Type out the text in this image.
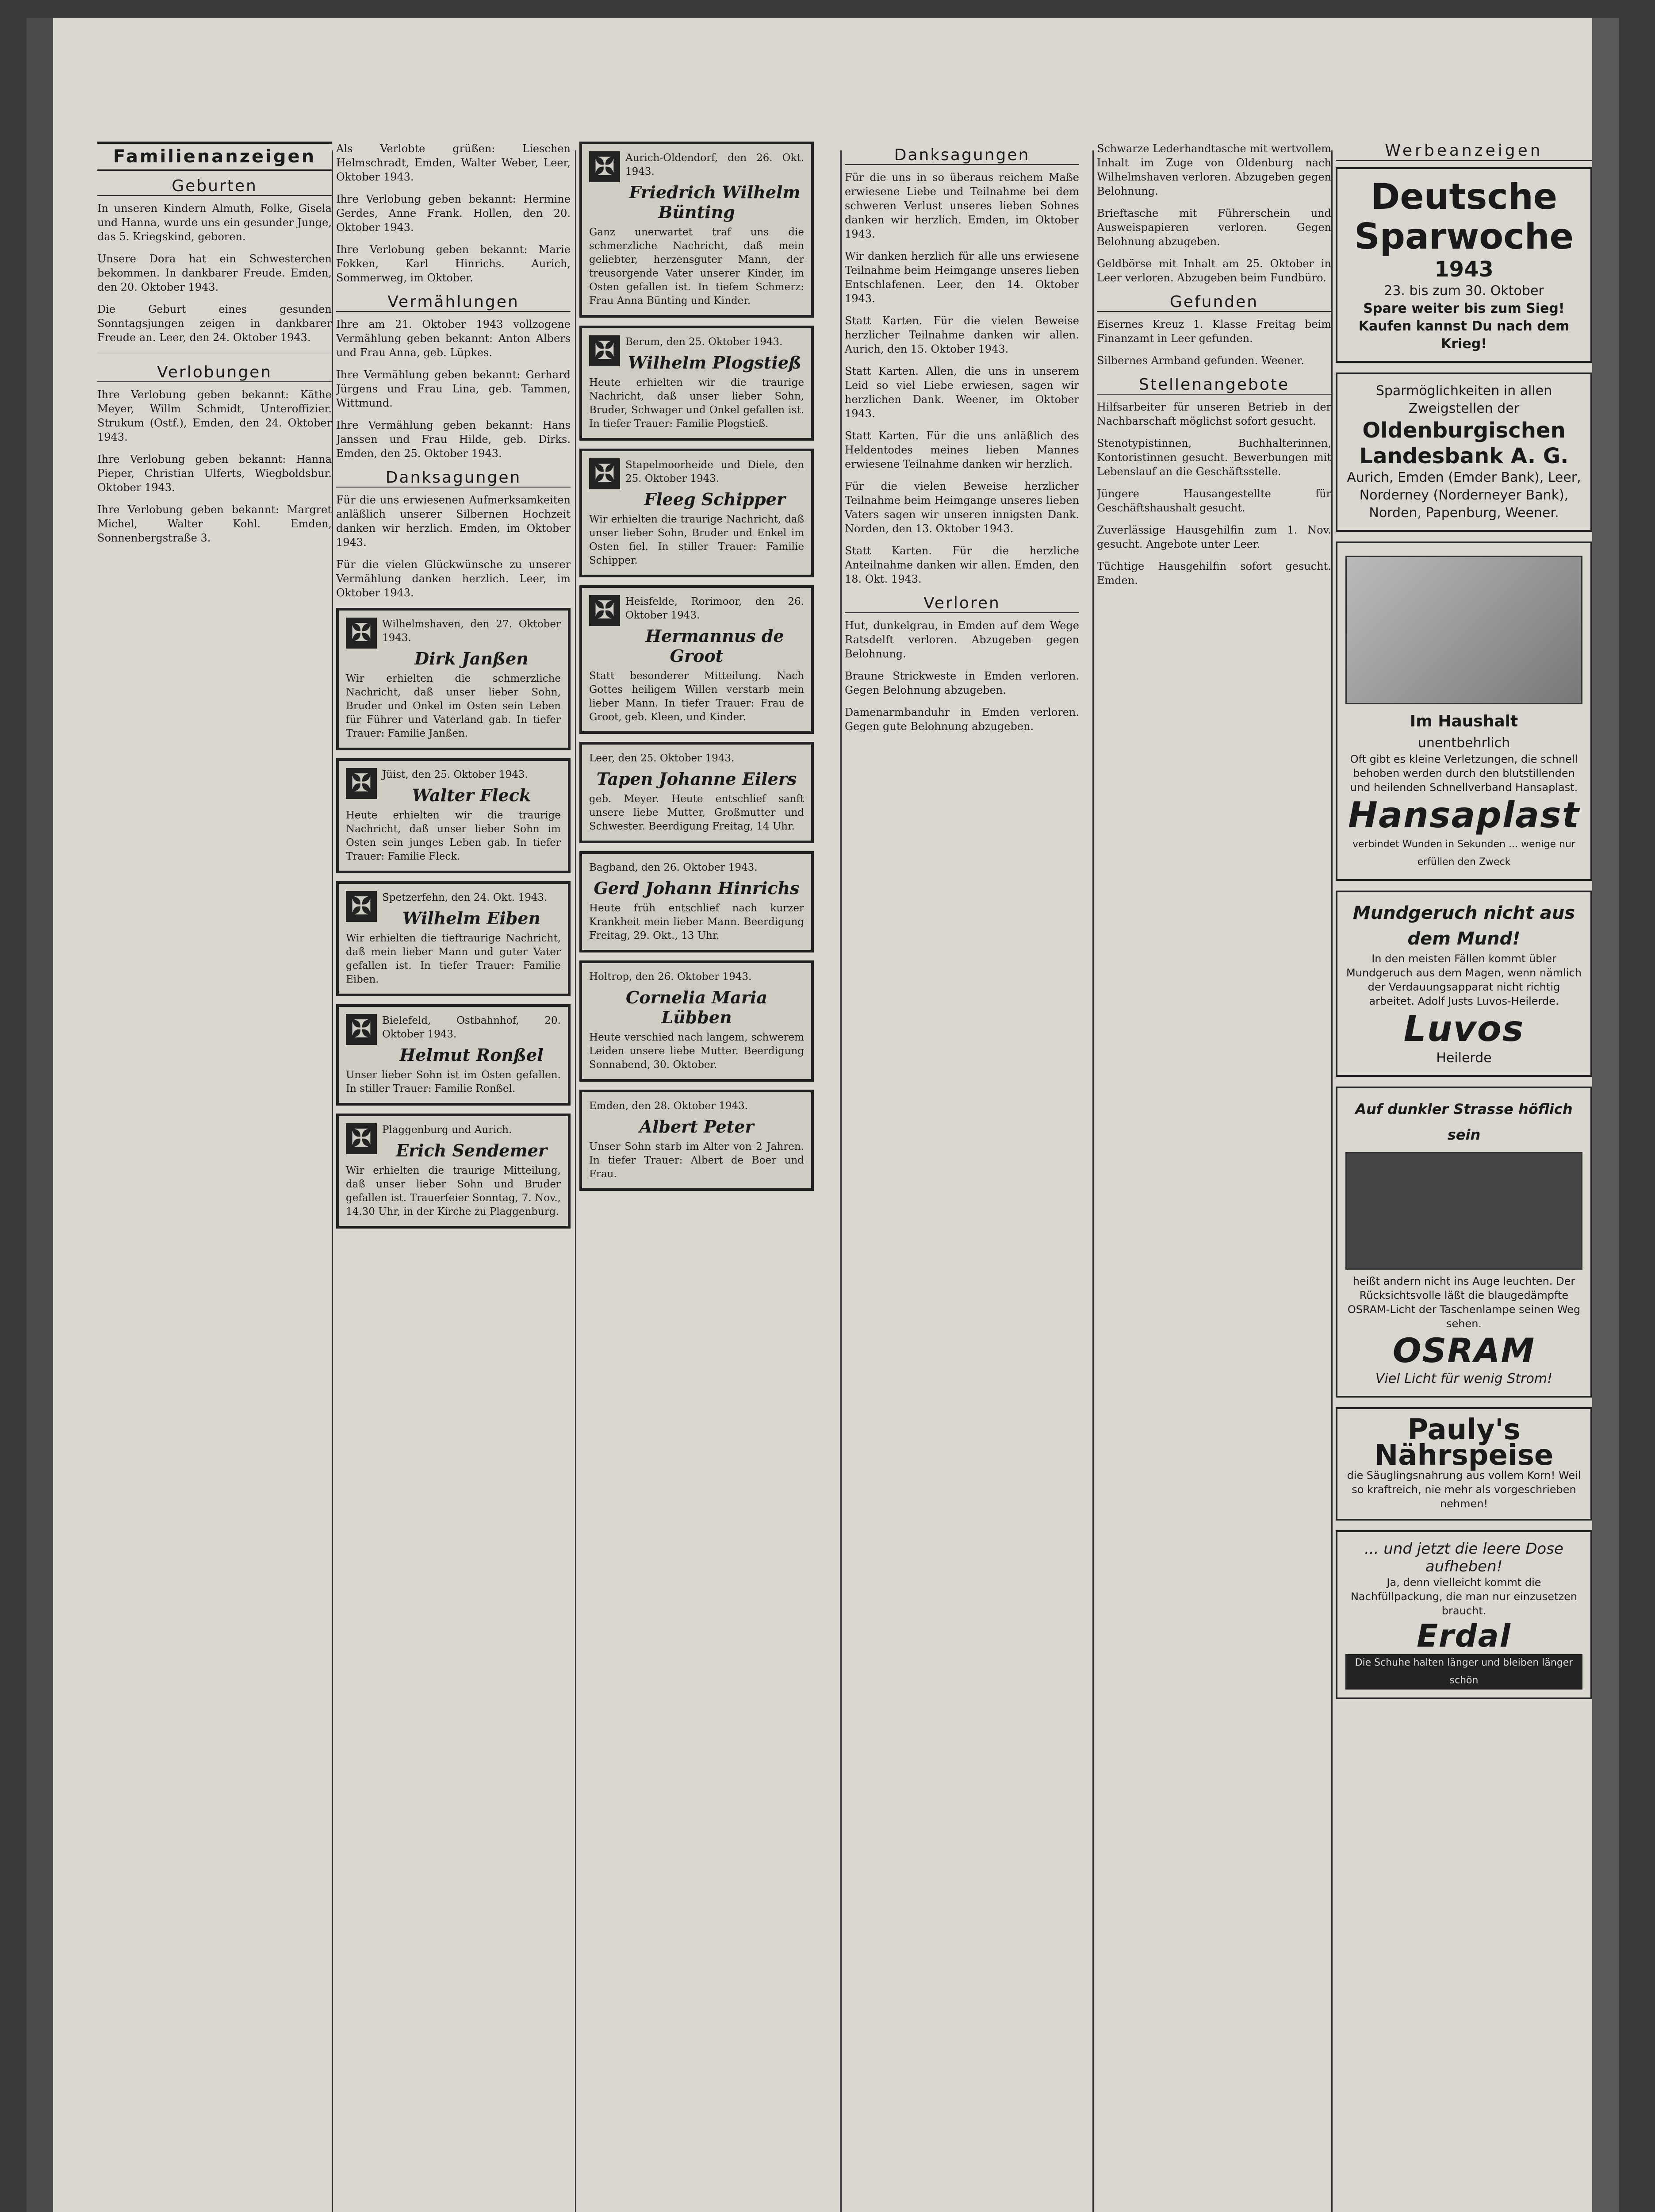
Familienanzeigen
Geburten
In unseren Kindern Almuth, Folke, Gisela und Hanna, wurde uns ein gesunder Junge, das 5. Kriegskind, geboren.
Unsere Dora hat ein Schwesterchen bekommen. In dankbarer Freude. Emden, den 20. Oktober 1943.
Die Geburt eines gesunden Sonntagsjungen zeigen in dankbarer Freude an. Leer, den 24. Oktober 1943.
Verlobungen
Ihre Verlobung geben bekannt: Käthe Meyer, Willm Schmidt, Unteroffizier. Strukum (Ostf.), Emden, den 24. Oktober 1943.
Ihre Verlobung geben bekannt: Hanna Pieper, Christian Ulferts, Wiegboldsbur. Oktober 1943.
Ihre Verlobung geben bekannt: Margret Michel, Walter Kohl. Emden, Sonnenbergstraße 3.
Als Verlobte grüßen: Lieschen Helmschradt, Emden, Walter Weber, Leer, Oktober 1943.
Ihre Verlobung geben bekannt: Hermine Gerdes, Anne Frank. Hollen, den 20. Oktober 1943.
Ihre Verlobung geben bekannt: Marie Fokken, Karl Hinrichs. Aurich, Sommerweg, im Oktober.
Vermählungen
Ihre am 21. Oktober 1943 vollzogene Vermählung geben bekannt: Anton Albers und Frau Anna, geb. Lüpkes.
Ihre Vermählung geben bekannt: Gerhard Jürgens und Frau Lina, geb. Tammen, Wittmund.
Ihre Vermählung geben bekannt: Hans Janssen und Frau Hilde, geb. Dirks. Emden, den 25. Oktober 1943.
Danksagungen
Für die uns erwiesenen Aufmerksamkeiten anläßlich unserer Silbernen Hochzeit danken wir herzlich. Emden, im Oktober 1943.
Für die vielen Glückwünsche zu unserer Vermählung danken herzlich. Leer, im Oktober 1943.
✠	Wilhelmshaven, den 27. Oktober 1943.
Dirk Janßen
Wir erhielten die schmerzliche Nachricht, daß unser lieber Sohn, Bruder und Onkel im Osten sein Leben für Führer und Vaterland gab. In tiefer Trauer: Familie Janßen.
✠	Jüist, den 25. Oktober 1943.
Walter Fleck
Heute erhielten wir die traurige Nachricht, daß unser lieber Sohn im Osten sein junges Leben gab. In tiefer Trauer: Familie Fleck.
✠	Spetzerfehn, den 24. Okt. 1943.
Wilhelm Eiben
Wir erhielten die tieftraurige Nachricht, daß mein lieber Mann und guter Vater gefallen ist. In tiefer Trauer: Familie Eiben.
✠	Bielefeld, Ostbahnhof, 20. Oktober 1943.
Helmut Ronßel
Unser lieber Sohn ist im Osten gefallen. In stiller Trauer: Familie Ronßel.
✠	Plaggenburg und Aurich.
Erich Sendemer
Wir erhielten die traurige Mitteilung, daß unser lieber Sohn und Bruder gefallen ist. Trauerfeier Sonntag, 7. Nov., 14.30 Uhr, in der Kirche zu Plaggenburg.
✠	Aurich-Oldendorf, den 26. Okt. 1943.
Friedrich Wilhelm Bünting
Ganz unerwartet traf uns die schmerzliche Nachricht, daß mein geliebter, herzensguter Mann, der treusorgende Vater unserer Kinder, im Osten gefallen ist. In tiefem Schmerz: Frau Anna Bünting und Kinder.
✠	Berum, den 25. Oktober 1943.
Wilhelm Plogstieß
Heute erhielten wir die traurige Nachricht, daß unser lieber Sohn, Bruder, Schwager und Onkel gefallen ist. In tiefer Trauer: Familie Plogstieß.
✠	Stapelmoorheide und Diele, den 25. Oktober 1943.
Fleeg Schipper
Wir erhielten die traurige Nachricht, daß unser lieber Sohn, Bruder und Enkel im Osten fiel. In stiller Trauer: Familie Schipper.
✠	Heisfelde, Rorimoor, den 26. Oktober 1943.
Hermannus de Groot
Statt besonderer Mitteilung. Nach Gottes heiligem Willen verstarb mein lieber Mann. In tiefer Trauer: Frau de Groot, geb. Kleen, und Kinder.
Leer, den 25. Oktober 1943.
Tapen Johanne Eilers
geb. Meyer. Heute entschlief sanft unsere liebe Mutter, Großmutter und Schwester. Beerdigung Freitag, 14 Uhr.
Bagband, den 26. Oktober 1943.
Gerd Johann Hinrichs
Heute früh entschlief nach kurzer Krankheit mein lieber Mann. Beerdigung Freitag, 29. Okt., 13 Uhr.
Holtrop, den 26. Oktober 1943.
Cornelia Maria Lübben
Heute verschied nach langem, schwerem Leiden unsere liebe Mutter. Beerdigung Sonnabend, 30. Oktober.
Emden, den 28. Oktober 1943.
Albert Peter
Unser Sohn starb im Alter von 2 Jahren. In tiefer Trauer: Albert de Boer und Frau.
Danksagungen
Für die uns in so überaus reichem Maße erwiesene Liebe und Teilnahme bei dem schweren Verlust unseres lieben Sohnes danken wir herzlich. Emden, im Oktober 1943.
Wir danken herzlich für alle uns erwiesene Teilnahme beim Heimgange unseres lieben Entschlafenen. Leer, den 14. Oktober 1943.
Statt Karten. Für die vielen Beweise herzlicher Teilnahme danken wir allen. Aurich, den 15. Oktober 1943.
Statt Karten. Allen, die uns in unserem Leid so viel Liebe erwiesen, sagen wir herzlichen Dank. Weener, im Oktober 1943.
Statt Karten. Für die uns anläßlich des Heldentodes meines lieben Mannes erwiesene Teilnahme danken wir herzlich.
Für die vielen Beweise herzlicher Teilnahme beim Heimgange unseres lieben Vaters sagen wir unseren innigsten Dank. Norden, den 13. Oktober 1943.
Statt Karten. Für die herzliche Anteilnahme danken wir allen. Emden, den 18. Okt. 1943.
Verloren
Hut, dunkelgrau, in Emden auf dem Wege Ratsdelft verloren. Abzugeben gegen Belohnung.
Braune Strickweste in Emden verloren. Gegen Belohnung abzugeben.
Damenarmbanduhr in Emden verloren. Gegen gute Belohnung abzugeben.
Schwarze Lederhandtasche mit wertvollem Inhalt im Zuge von Oldenburg nach Wilhelmshaven verloren. Abzugeben gegen Belohnung.
Brieftasche mit Führerschein und Ausweispapieren verloren. Gegen Belohnung abzugeben.
Geldbörse mit Inhalt am 25. Oktober in Leer verloren. Abzugeben beim Fundbüro.
Gefunden
Eisernes Kreuz 1. Klasse Freitag beim Finanzamt in Leer gefunden.
Silbernes Armband gefunden. Weener.
Stellenangebote
Hilfsarbeiter für unseren Betrieb in der Nachbarschaft möglichst sofort gesucht.
Stenotypistinnen, Buchhalterinnen, Kontoristinnen gesucht. Bewerbungen mit Lebenslauf an die Geschäftsstelle.
Jüngere Hausangestellte für Geschäftshaushalt gesucht.
Zuverlässige Hausgehilfin zum 1. Nov. gesucht. Angebote unter Leer.
Tüchtige Hausgehilfin sofort gesucht. Emden.
Werbeanzeigen
Deutsche
Sparwoche
1943
23. bis zum 30. Oktober
Spare weiter bis zum Sieg! Kaufen kannst Du nach dem Krieg!
Sparmöglichkeiten in allen Zweigstellen der
Oldenburgischen
Landesbank A. G.
Aurich, Emden (Emder Bank), Leer, Norderney (Norderneyer Bank), Norden, Papenburg, Weener.
Im Haushalt
unentbehrlich
Oft gibt es kleine Verletzungen, die schnell behoben werden durch den blutstillenden und heilenden Schnellverband Hansaplast.
Hansaplast
verbindet Wunden in Sekunden ... wenige nur erfüllen den Zweck
Mundgeruch nicht aus dem Mund!
In den meisten Fällen kommt übler Mundgeruch aus dem Magen, wenn nämlich der Verdauungsapparat nicht richtig arbeitet. Adolf Justs Luvos-Heilerde.
Luvos
Heilerde
Auf dunkler Strasse höflich sein
heißt andern nicht ins Auge leuchten. Der Rücksichtsvolle läßt die blaugedämpfte OSRAM-Licht der Taschenlampe seinen Weg sehen.
OSRAM
Viel Licht für wenig Strom!
Pauly's
Nährspeise
die Säuglingsnahrung aus vollem Korn! Weil so kraftreich, nie mehr als vorgeschrieben nehmen!
... und jetzt die leere Dose aufheben!
Ja, denn vielleicht kommt die Nachfüllpackung, die man nur einzusetzen braucht.
Erdal
Die Schuhe halten länger und bleiben länger schön
